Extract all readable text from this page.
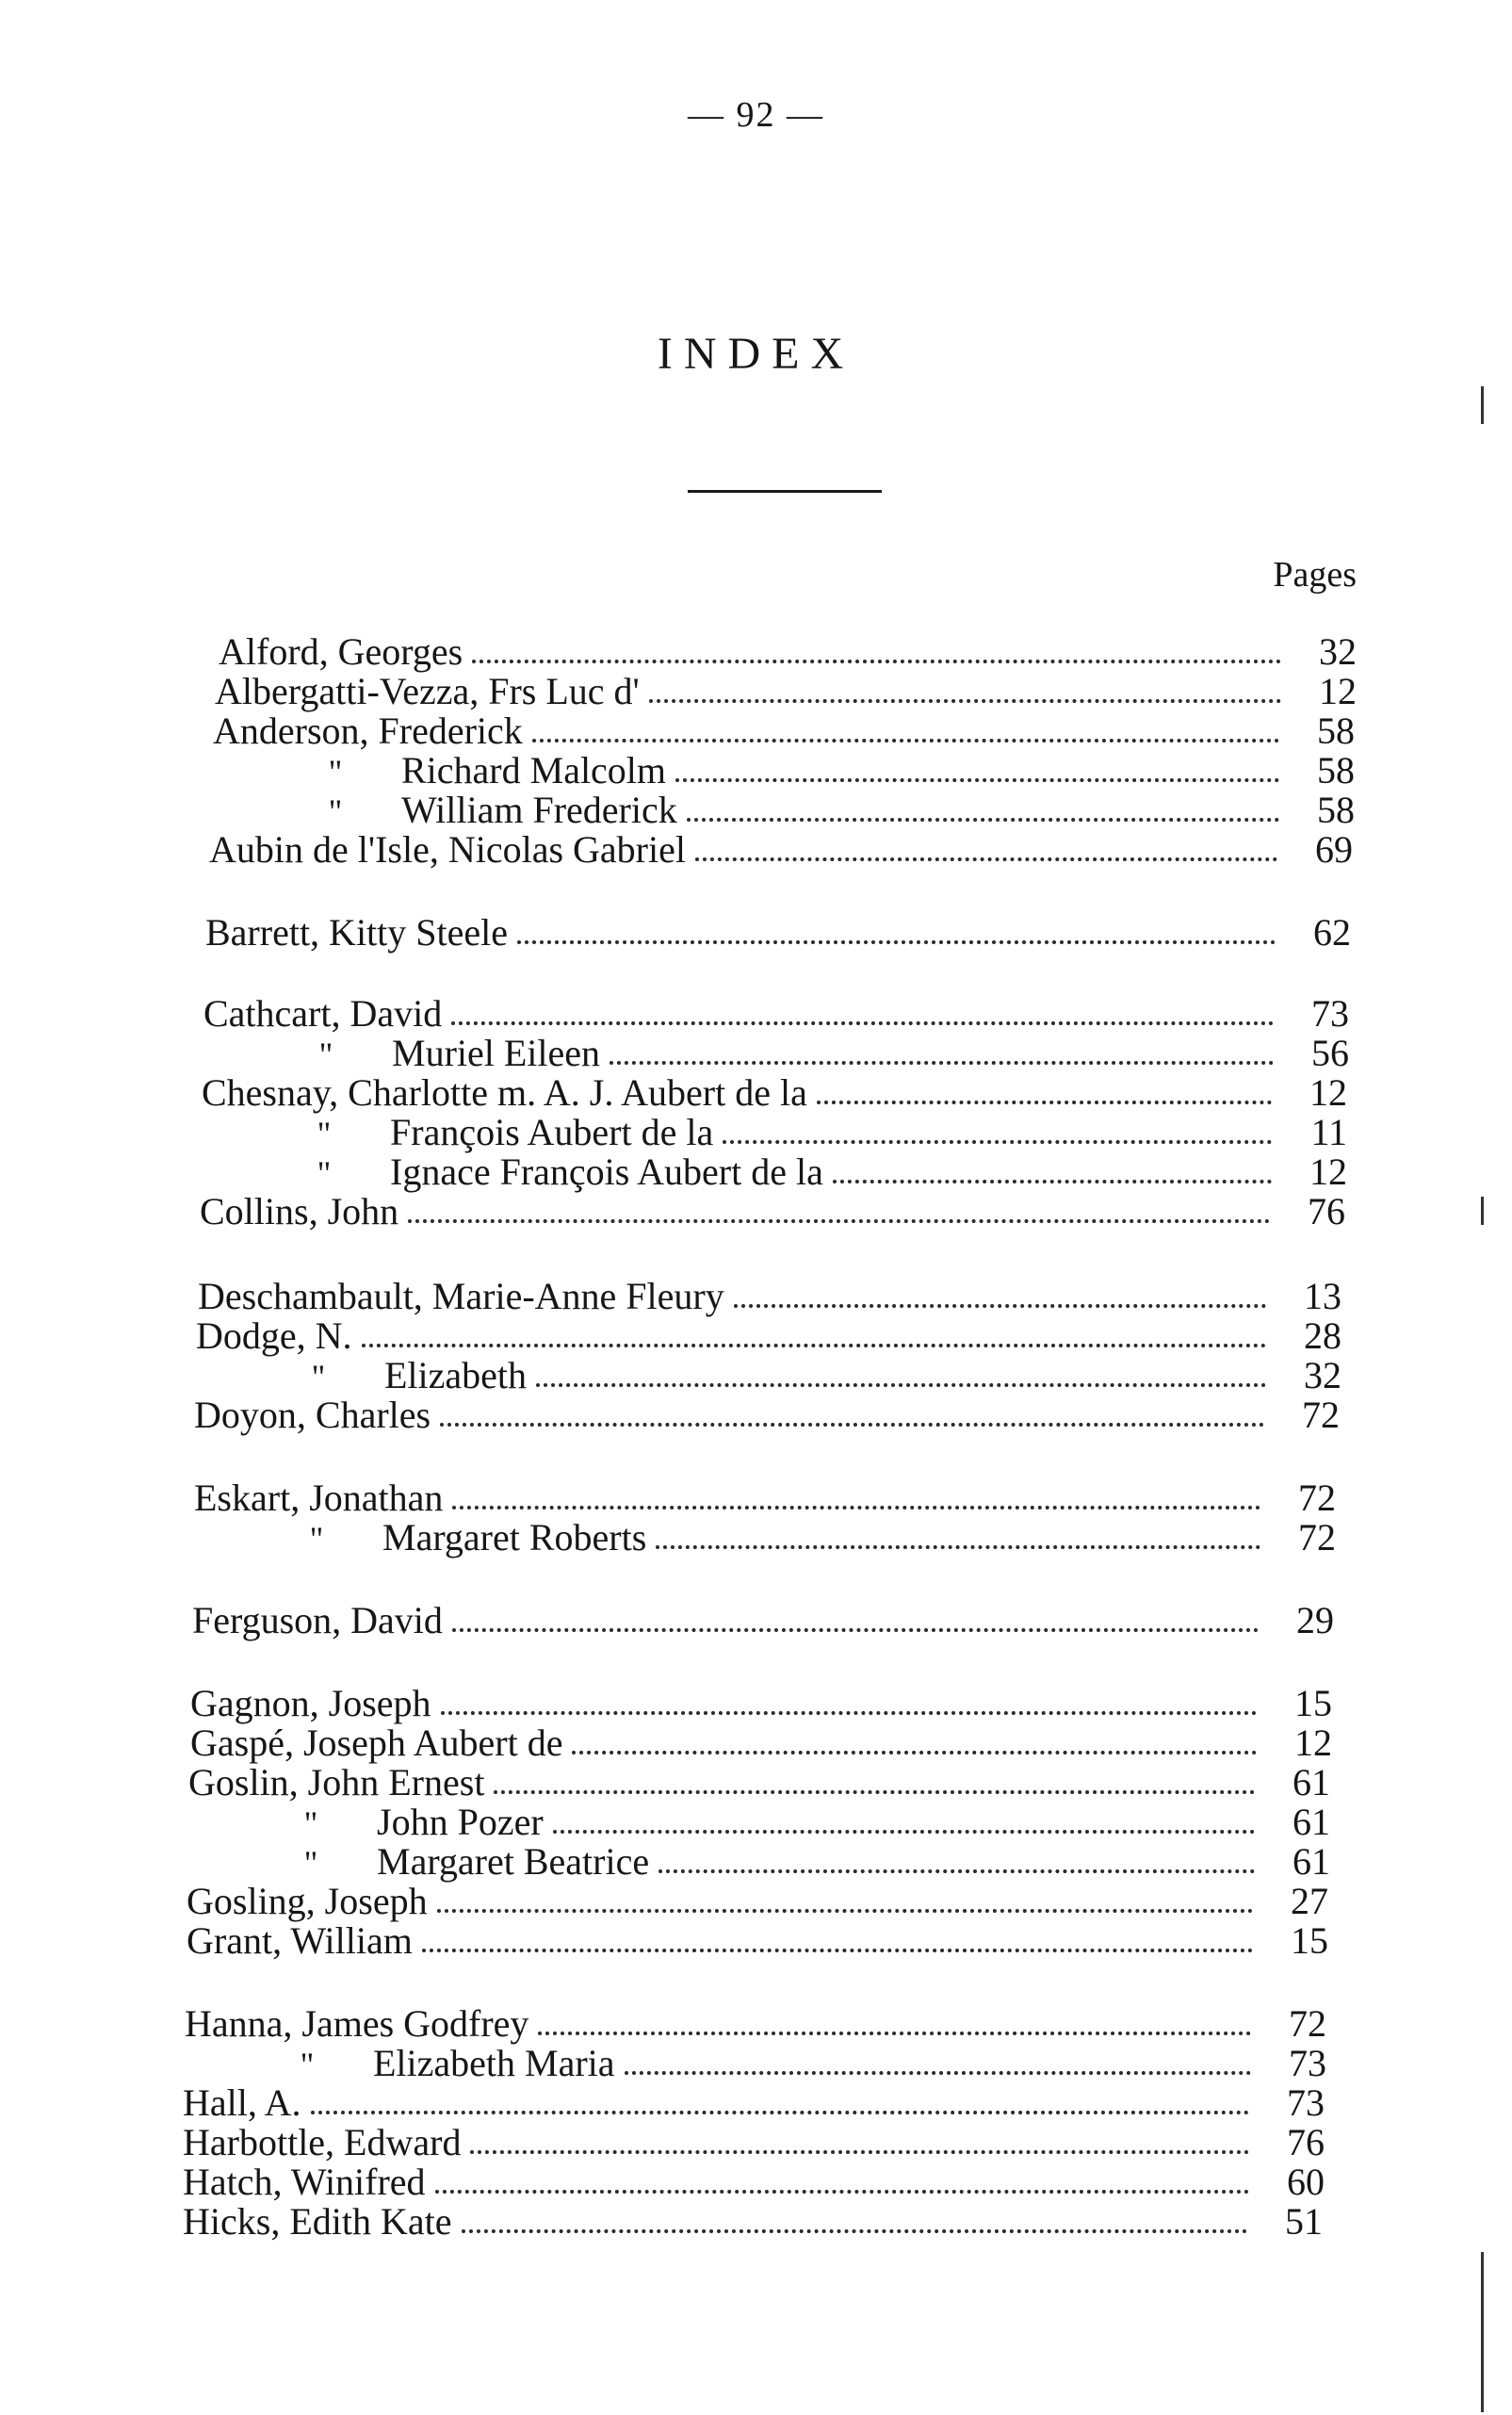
— 92 —
INDEX
Pages
Alford, Georges	32
Albergatti-Vezza, Frs Luc d'	12
Anderson, Frederick	58
"	Richard Malcolm	58
"	William Frederick	58
Aubin de l'Isle, Nicolas Gabriel	69
Barrett, Kitty Steele	62
Cathcart, David	73
"	Muriel Eileen	56
Chesnay, Charlotte m. A. J. Aubert de la	12
"	François Aubert de la	11
"	Ignace François Aubert de la	12
Collins, John	76
Deschambault, Marie-Anne Fleury	13
Dodge, N.	28
"	Elizabeth	32
Doyon, Charles	72
Eskart, Jonathan	72
"	Margaret Roberts	72
Ferguson, David	29
Gagnon, Joseph	15
Gaspé, Joseph Aubert de	12
Goslin, John Ernest	61
"	John Pozer	61
"	Margaret Beatrice	61
Gosling, Joseph	27
Grant, William	15
Hanna, James Godfrey	72
"	Elizabeth Maria	73
Hall, A.	73
Harbottle, Edward	76
Hatch, Winifred	60
Hicks, Edith Kate	51
